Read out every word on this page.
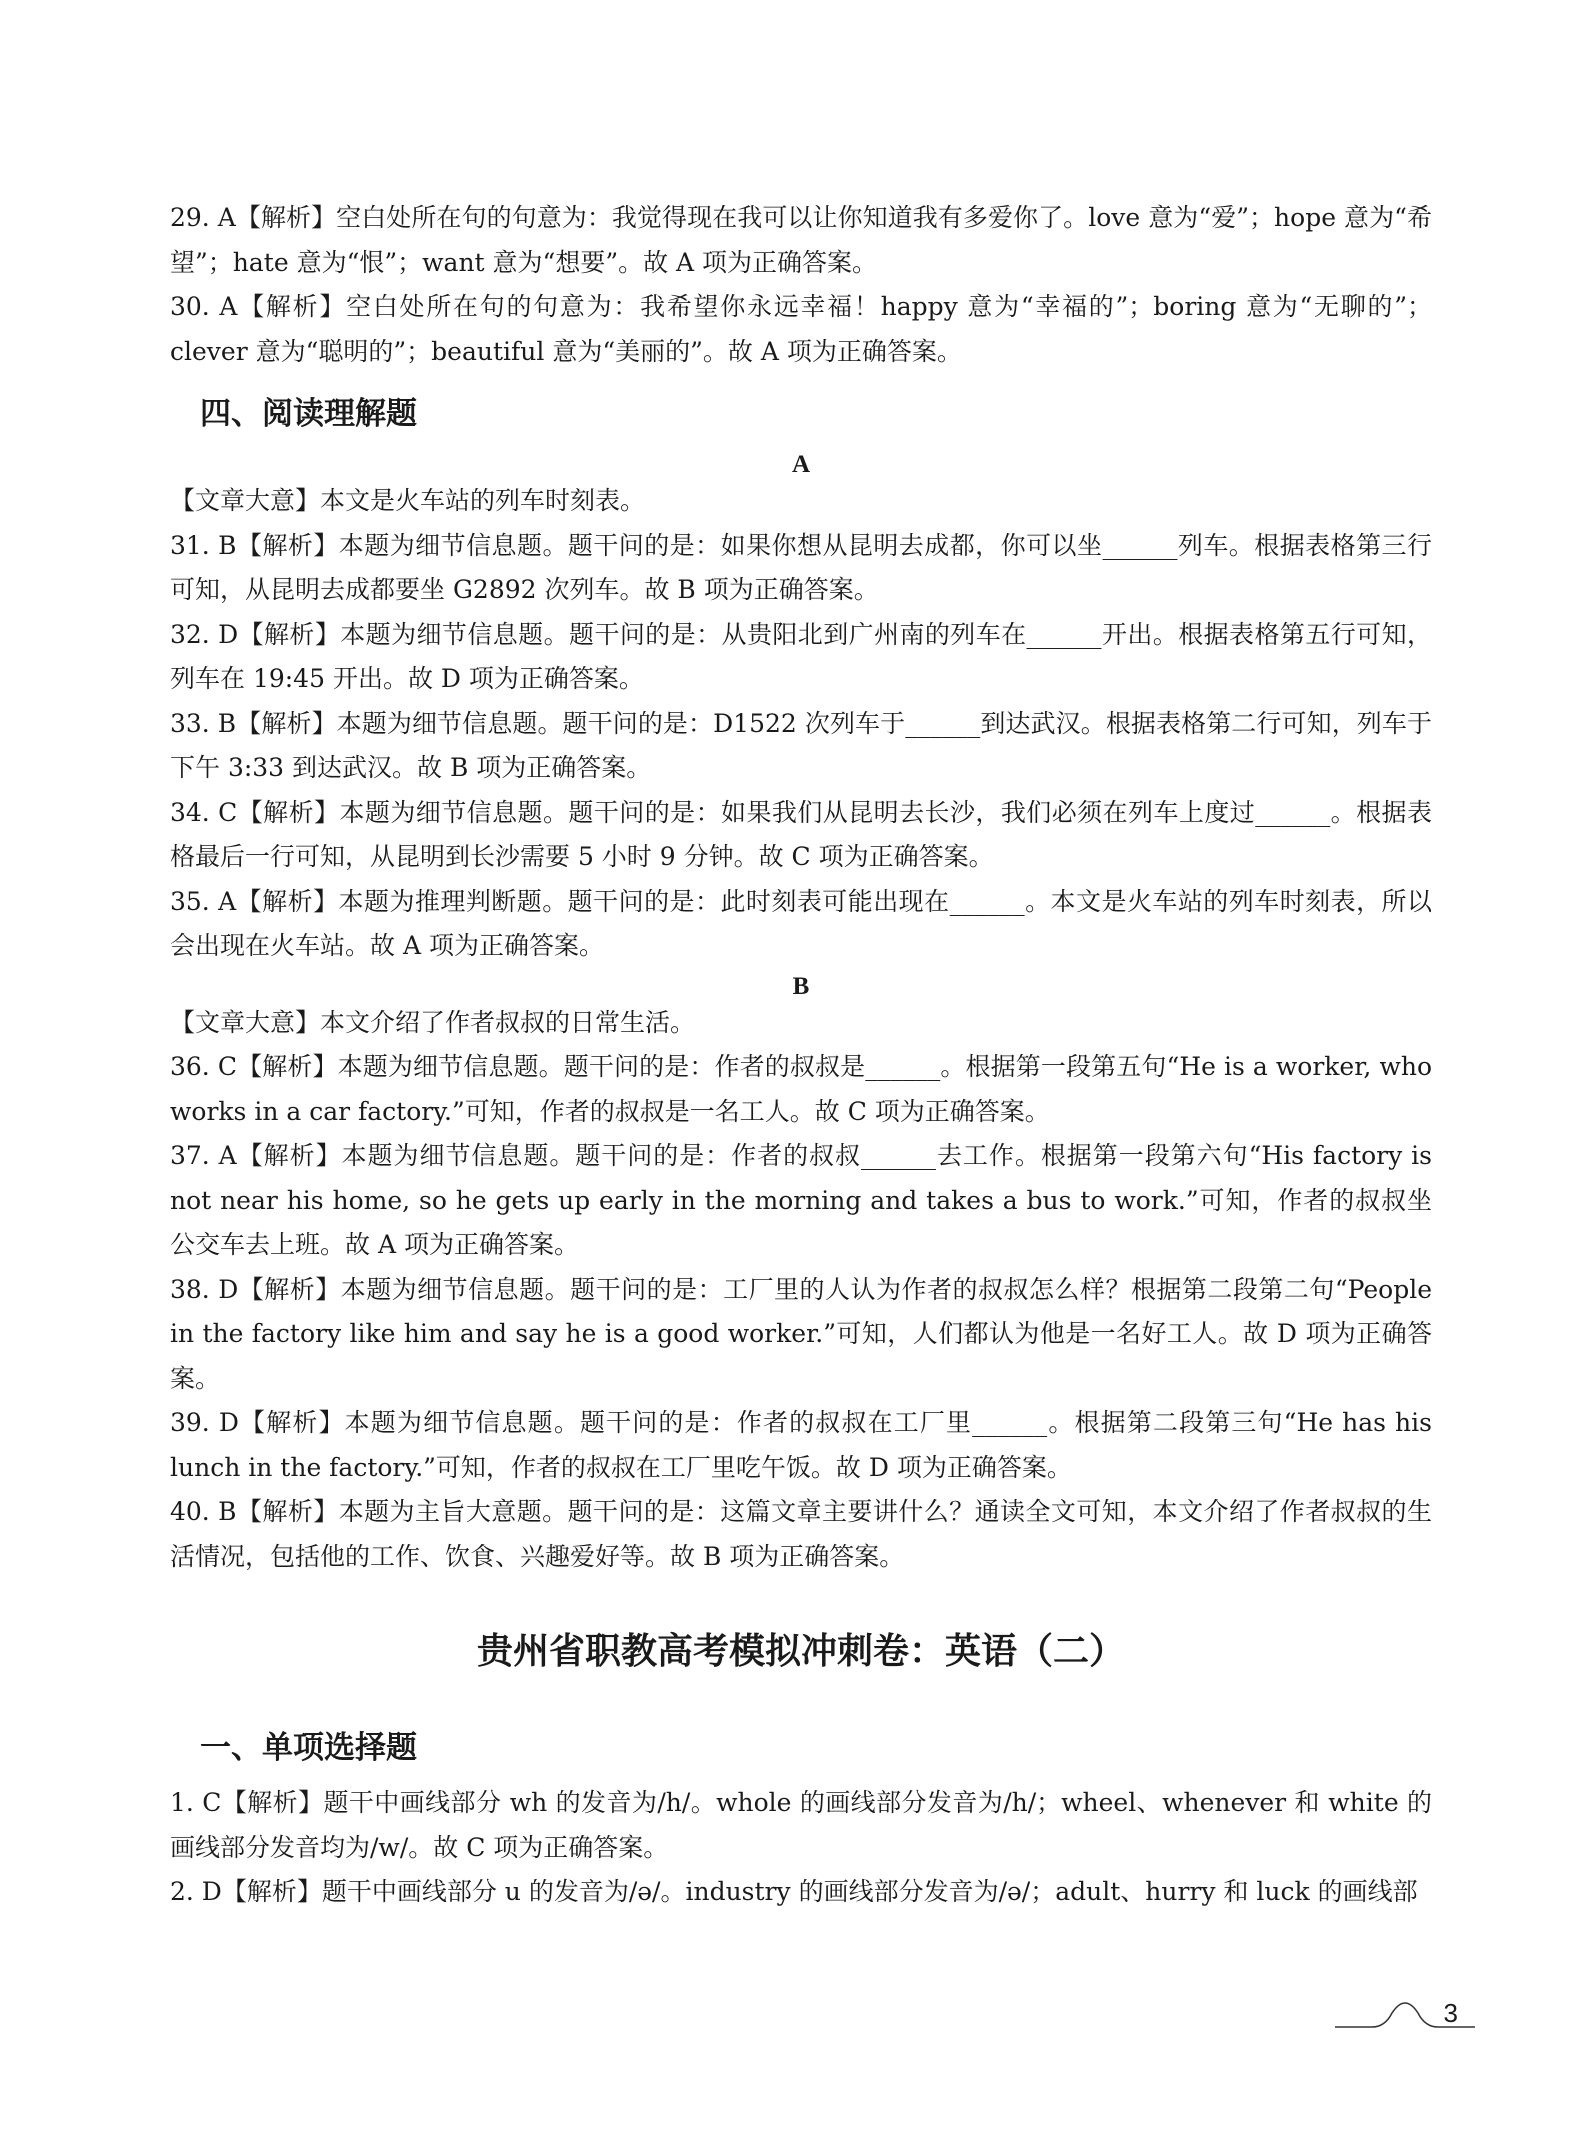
29. A【解析】空白处所在句的句意为：我觉得现在我可以让你知道我有多爱你了。love 意为“爱”；hope 意为“希望”；hate 意为“恨”；want 意为“想要”。故 A 项为正确答案。

30. A【解析】空白处所在句的句意为：我希望你永远幸福！happy 意为“幸福的”；boring 意为“无聊的”；clever 意为“聪明的”；beautiful 意为“美丽的”。故 A 项为正确答案。

四、阅读理解题
A

【文章大意】本文是火车站的列车时刻表。

31. B【解析】本题为细节信息题。题干问的是：如果你想从昆明去成都，你可以坐______列车。根据表格第三行可知，从昆明去成都要坐 G2892 次列车。故 B 项为正确答案。

32. D【解析】本题为细节信息题。题干问的是：从贵阳北到广州南的列车在______开出。根据表格第五行可知，列车在 19:45 开出。故 D 项为正确答案。

33. B【解析】本题为细节信息题。题干问的是：D1522 次列车于______到达武汉。根据表格第二行可知，列车于下午 3:33 到达武汉。故 B 项为正确答案。

34. C【解析】本题为细节信息题。题干问的是：如果我们从昆明去长沙，我们必须在列车上度过______。根据表格最后一行可知，从昆明到长沙需要 5 小时 9 分钟。故 C 项为正确答案。

35. A【解析】本题为推理判断题。题干问的是：此时刻表可能出现在______。本文是火车站的列车时刻表，所以会出现在火车站。故 A 项为正确答案。

B

【文章大意】本文介绍了作者叔叔的日常生活。

36. C【解析】本题为细节信息题。题干问的是：作者的叔叔是______。根据第一段第五句“He is a worker, who works in a car factory.”可知，作者的叔叔是一名工人。故 C 项为正确答案。

37. A【解析】本题为细节信息题。题干问的是：作者的叔叔______去工作。根据第一段第六句“His factory is not near his home, so he gets up early in the morning and takes a bus to work.”可知，作者的叔叔坐公交车去上班。故 A 项为正确答案。

38. D【解析】本题为细节信息题。题干问的是：工厂里的人认为作者的叔叔怎么样？根据第二段第二句“People in the factory like him and say he is a good worker.”可知，人们都认为他是一名好工人。故 D 项为正确答案。

39. D【解析】本题为细节信息题。题干问的是：作者的叔叔在工厂里______。根据第二段第三句“He has his lunch in the factory.”可知，作者的叔叔在工厂里吃午饭。故 D 项为正确答案。

40. B【解析】本题为主旨大意题。题干问的是：这篇文章主要讲什么？通读全文可知，本文介绍了作者叔叔的生活情况，包括他的工作、饮食、兴趣爱好等。故 B 项为正确答案。

贵州省职教高考模拟冲刺卷：英语（二）
一、单项选择题

1. C【解析】题干中画线部分 wh 的发音为/h/。whole 的画线部分发音为/h/；wheel、whenever 和 white 的画线部分发音均为/w/。故 C 项为正确答案。

2. D【解析】题干中画线部分 u 的发音为/ə/。industry 的画线部分发音为/ə/；adult、hurry 和 luck 的画线部

3
